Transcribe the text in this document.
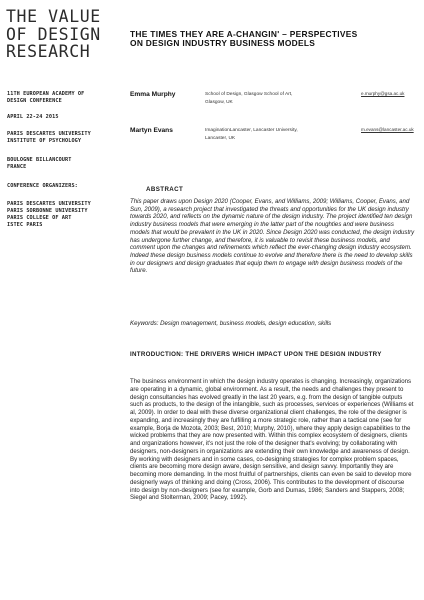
THE VALUE
OF DESIGN
RESEARCH
11TH EUROPEAN ACADEMY OF
DESIGN CONFERENCE
APRIL 22-24 2015
PARIS DESCARTES UNIVERSITY
INSTITUTE OF PSYCHOLOGY
BOULOGNE BILLANCOURT
FRANCE
CONFERENCE ORGANIZERS:
PARIS DESCARTES UNIVERSITY
PARIS SORBONNE UNIVERSITY
PARIS COLLEGE OF ART
ISTEC PARIS
THE TIMES THEY ARE A-CHANGIN' – PERSPECTIVES
ON DESIGN INDUSTRY BUSINESS MODELS
Emma Murphy	School of Design, Glasgow School of Art,
Glasgow, UK
e.murphy@gsa.ac.uk
Martyn Evans	ImaginationLancaster, Lancaster University,
Lancaster, UK
m.evans@lancaster.ac.uk
ABSTRACT

This paper draws upon Design 2020 (Cooper, Evans, and Williams, 2009; Williams, Cooper, Evans, and Sun, 2009), a research project that investigated the threats and opportunities for the UK design industry towards 2020, and reflects on the dynamic nature of the design industry. The project identified ten design industry business models that were emerging in the latter part of the noughties and were business models that would be prevalent in the UK in 2020. Since Design 2020 was conducted, the design industry has undergone further change, and therefore, it is valuable to revisit these business models, and comment upon the changes and refinements which reflect the ever-changing design industry ecosystem. Indeed these design business models continue to evolve and therefore there is the need to develop skills in our designers and design graduates that equip them to engage with design business models of the future.

Keywords: Design management, business models, design education, skills

INTRODUCTION: THE DRIVERS WHICH IMPACT UPON THE DESIGN INDUSTRY

The business environment in which the design industry operates is changing. Increasingly, organizations are operating in a dynamic, global environment. As a result, the needs and challenges they present to design consultancies has evolved greatly in the last 20 years, e.g. from the design of tangible outputs such as products, to the design of the intangible, such as processes, services or experiences (Williams et al, 2009). In order to deal with these diverse organizational client challenges, the role of the designer is expanding, and increasingly they are fulfilling a more strategic role, rather than a tactical one (see for example, Borja de Mozota, 2003; Best, 2010; Murphy, 2010), where they apply design capabilities to the wicked problems that they are now presented with. Within this complex ecosystem of designers, clients and organizations however, it's not just the role of the designer that's evolving; by collaborating with designers, non-designers in organizations are extending their own knowledge and awareness of design. By working with designers and in some cases, co-designing strategies for complex problem spaces, clients are becoming more design aware, design sensitive, and design savvy. Importantly they are becoming more demanding. In the most fruitful of partnerships, clients can even be said to develop more designerly ways of thinking and doing (Cross, 2006). This contributes to the development of discourse into design by non-designers (see for example, Gorb and Dumas, 1986; Sanders and Stappers, 2008; Siegel and Stolterman, 2009; Pacey, 1992).
